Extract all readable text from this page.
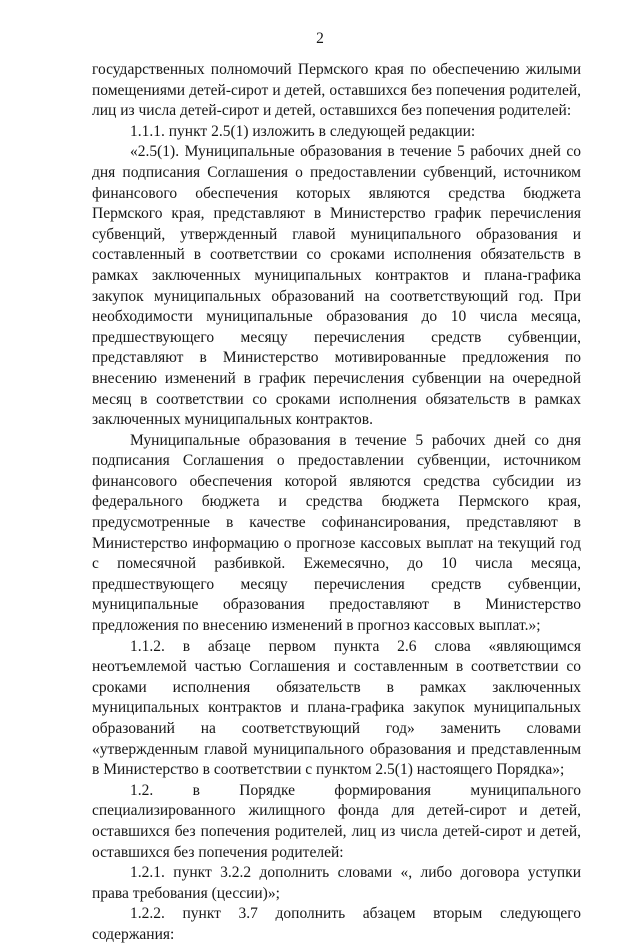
2

государственных полномочий Пермского края по обеспечению жилыми помещениями детей-сирот и детей, оставшихся без попечения родителей, лиц из числа детей-сирот и детей, оставшихся без попечения родителей:

1.1.1. пункт 2.5(1) изложить в следующей редакции:

«2.5(1). Муниципальные образования в течение 5 рабочих дней со дня подписания Соглашения о предоставлении субвенций, источником финансового обеспечения которых являются средства бюджета Пермского края, представляют в Министерство график перечисления субвенций, утвержденный главой муниципального образования и составленный в соответствии со сроками исполнения обязательств в рамках заключенных муниципальных контрактов и плана-графика закупок муниципальных образований на соответствующий год. При необходимости муниципальные образования до 10 числа месяца, предшествующего месяцу перечисления средств субвенции, представляют в Министерство мотивированные предложения по внесению изменений в график перечисления субвенции на очередной месяц в соответствии со сроками исполнения обязательств в рамках заключенных муниципальных контрактов.

Муниципальные образования в течение 5 рабочих дней со дня подписания Соглашения о предоставлении субвенции, источником финансового обеспечения которой являются средства субсидии из федерального бюджета и средства бюджета Пермского края, предусмотренные в качестве софинансирования, представляют в Министерство информацию о прогнозе кассовых выплат на текущий год с помесячной разбивкой. Ежемесячно, до 10 числа месяца, предшествующего месяцу перечисления средств субвенции, муниципальные образования предоставляют в Министерство предложения по внесению изменений в прогноз кассовых выплат.»;

1.1.2. в абзаце первом пункта 2.6 слова «являющимся неотъемлемой частью Соглашения и составленным в соответствии со сроками исполнения обязательств в рамках заключенных муниципальных контрактов и плана-графика закупок муниципальных образований на соответствующий год» заменить словами «утвержденным главой муниципального образования и представленным в Министерство в соответствии с пунктом 2.5(1) настоящего Порядка»;

1.2. в Порядке формирования муниципального специализированного жилищного фонда для детей-сирот и детей, оставшихся без попечения родителей, лиц из числа детей-сирот и детей, оставшихся без попечения родителей:

1.2.1. пункт 3.2.2 дополнить словами «, либо договора уступки права требования (цессии)»;

1.2.2. пункт 3.7 дополнить абзацем вторым следующего содержания:
